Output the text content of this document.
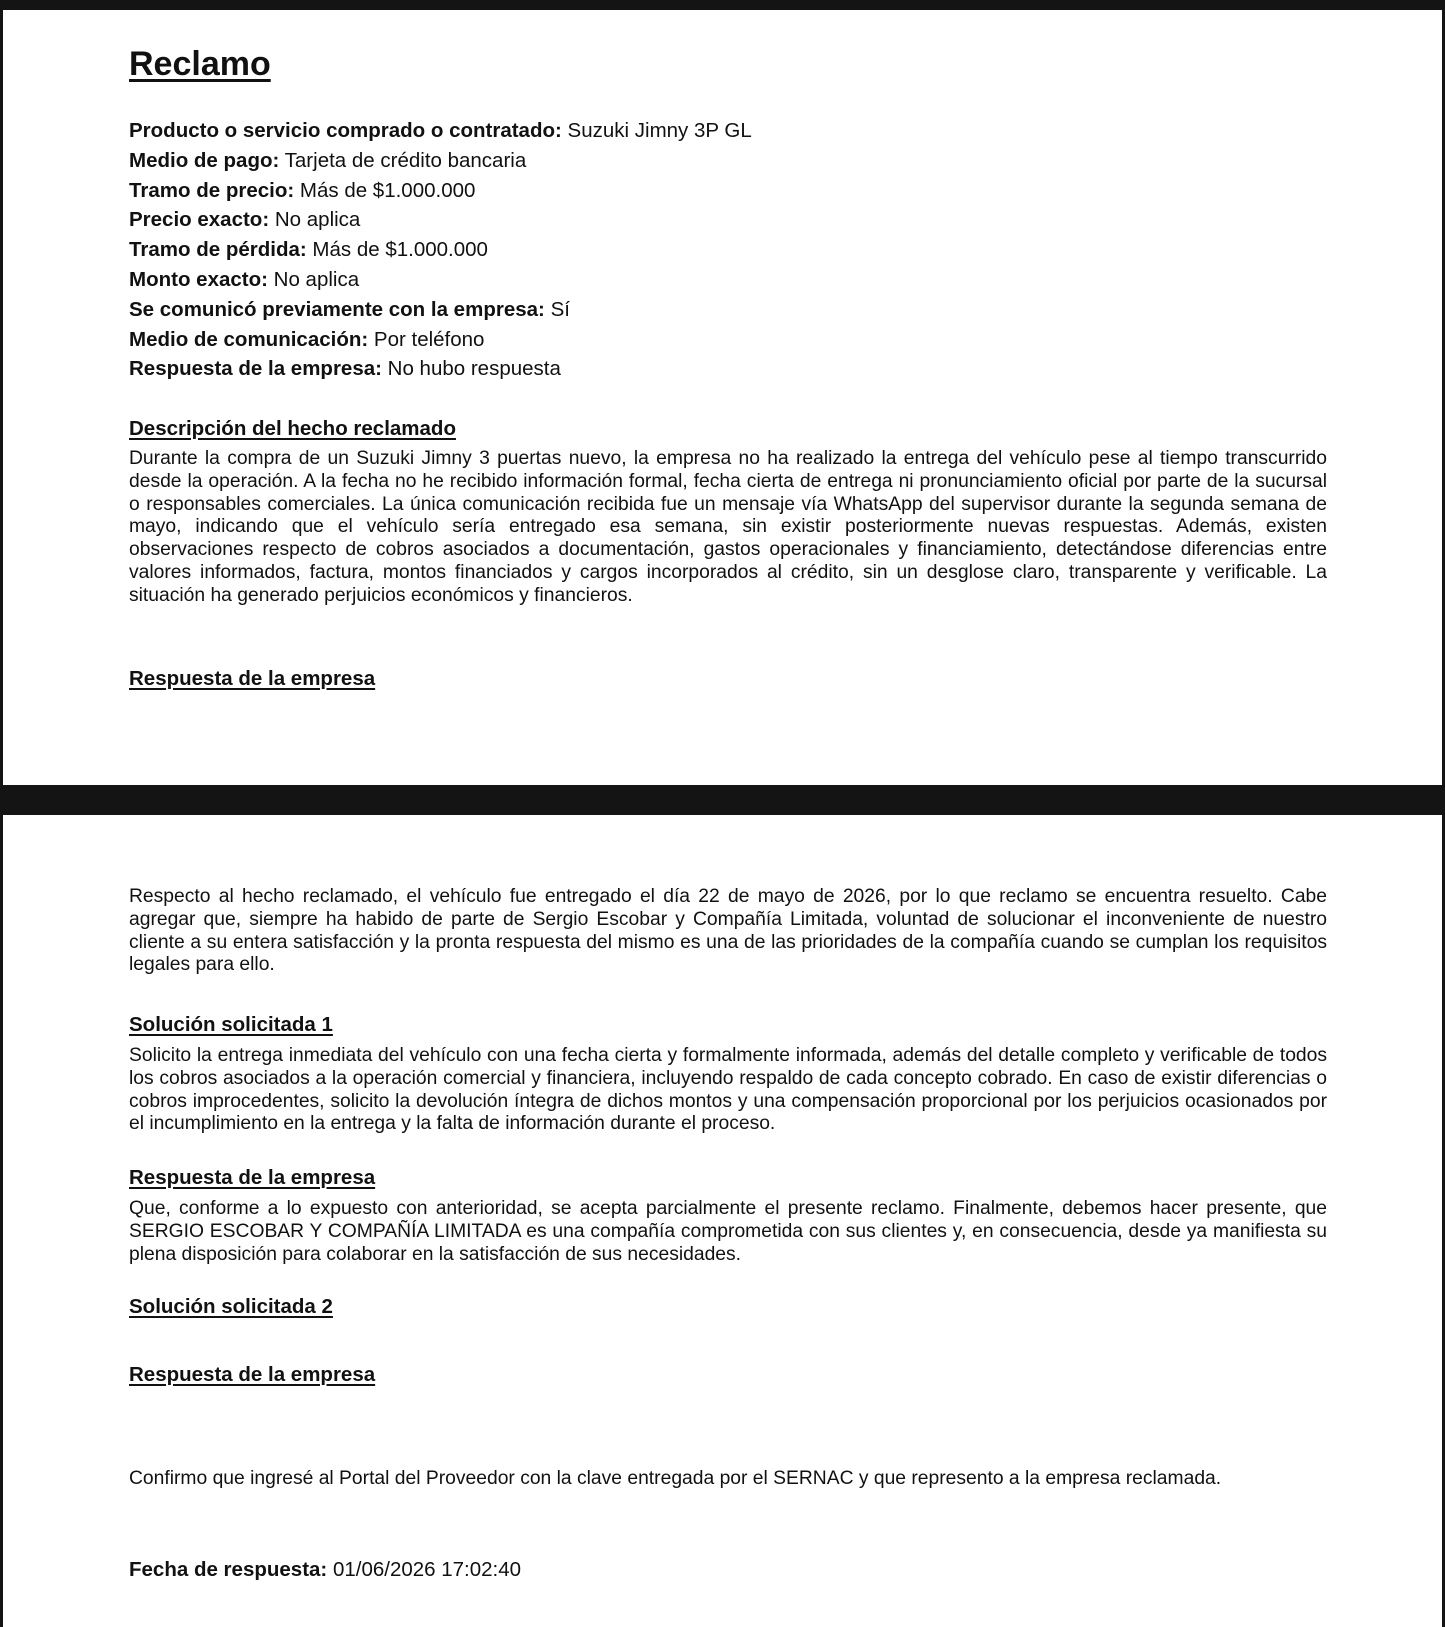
Reclamo
Producto o servicio comprado o contratado: Suzuki Jimny 3P GL
Medio de pago: Tarjeta de crédito bancaria
Tramo de precio: Más de $1.000.000
Precio exacto: No aplica
Tramo de pérdida: Más de $1.000.000
Monto exacto: No aplica
Se comunicó previamente con la empresa: Sí
Medio de comunicación: Por teléfono
Respuesta de la empresa: No hubo respuesta
Descripción del hecho reclamado

Durante la compra de un Suzuki Jimny 3 puertas nuevo, la empresa no ha realizado la entrega del vehículo pese al tiempo transcurrido desde la operación. A la fecha no he recibido información formal, fecha cierta de entrega ni pronunciamiento oficial por parte de la sucursal o responsables comerciales. La única comunicación recibida fue un mensaje vía WhatsApp del supervisor durante la segunda semana de mayo, indicando que el vehículo sería entregado esa semana, sin existir posteriormente nuevas respuestas. Además, existen observaciones respecto de cobros asociados a documentación, gastos operacionales y financiamiento, detectándose diferencias entre valores informados, factura, montos financiados y cargos incorporados al crédito, sin un desglose claro, transparente y verificable. La situación ha generado perjuicios económicos y financieros.

Respuesta de la empresa

Respecto al hecho reclamado, el vehículo fue entregado el día 22 de mayo de 2026, por lo que reclamo se encuentra resuelto. Cabe agregar que, siempre ha habido de parte de Sergio Escobar y Compañía Limitada, voluntad de solucionar el inconveniente de nuestro cliente a su entera satisfacción y la pronta respuesta del mismo es una de las prioridades de la compañía cuando se cumplan los requisitos legales para ello.

Solución solicitada 1

Solicito la entrega inmediata del vehículo con una fecha cierta y formalmente informada, además del detalle completo y verificable de todos los cobros asociados a la operación comercial y financiera, incluyendo respaldo de cada concepto cobrado. En caso de existir diferencias o cobros improcedentes, solicito la devolución íntegra de dichos montos y una compensación proporcional por los perjuicios ocasionados por el incumplimiento en la entrega y la falta de información durante el proceso.

Respuesta de la empresa

Que, conforme a lo expuesto con anterioridad, se acepta parcialmente el presente reclamo. Finalmente, debemos hacer presente, que SERGIO ESCOBAR Y COMPAÑÍA LIMITADA es una compañía comprometida con sus clientes y, en consecuencia, desde ya manifiesta su plena disposición para colaborar en la satisfacción de sus necesidades.

Solución solicitada 2
Respuesta de la empresa

Confirmo que ingresé al Portal del Proveedor con la clave entregada por el SERNAC y que represento a la empresa reclamada.

Fecha de respuesta: 01/06/2026 17:02:40
